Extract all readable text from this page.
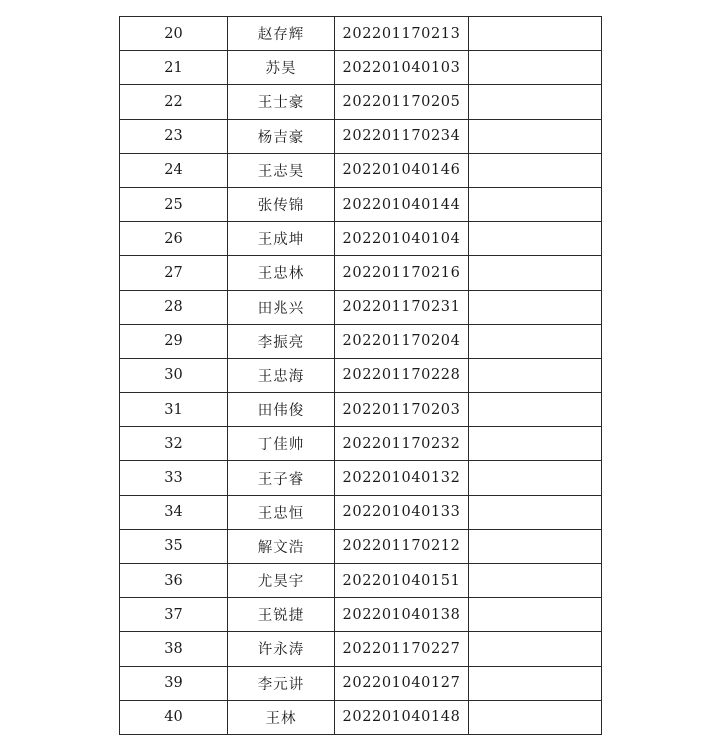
20	赵存辉	202201170213	
21	苏昊	202201040103	
22	王士豪	202201170205	
23	杨吉豪	202201170234	
24	王志昊	202201040146	
25	张传锦	202201040144	
26	王成坤	202201040104	
27	王忠林	202201170216	
28	田兆兴	202201170231	
29	李振亮	202201170204	
30	王忠海	202201170228	
31	田伟俊	202201170203	
32	丁佳帅	202201170232	
33	王子睿	202201040132	
34	王忠恒	202201040133	
35	解文浩	202201170212	
36	尤昊宇	202201040151	
37	王锐捷	202201040138	
38	许永涛	202201170227	
39	李元讲	202201040127	
40	王林	202201040148	
